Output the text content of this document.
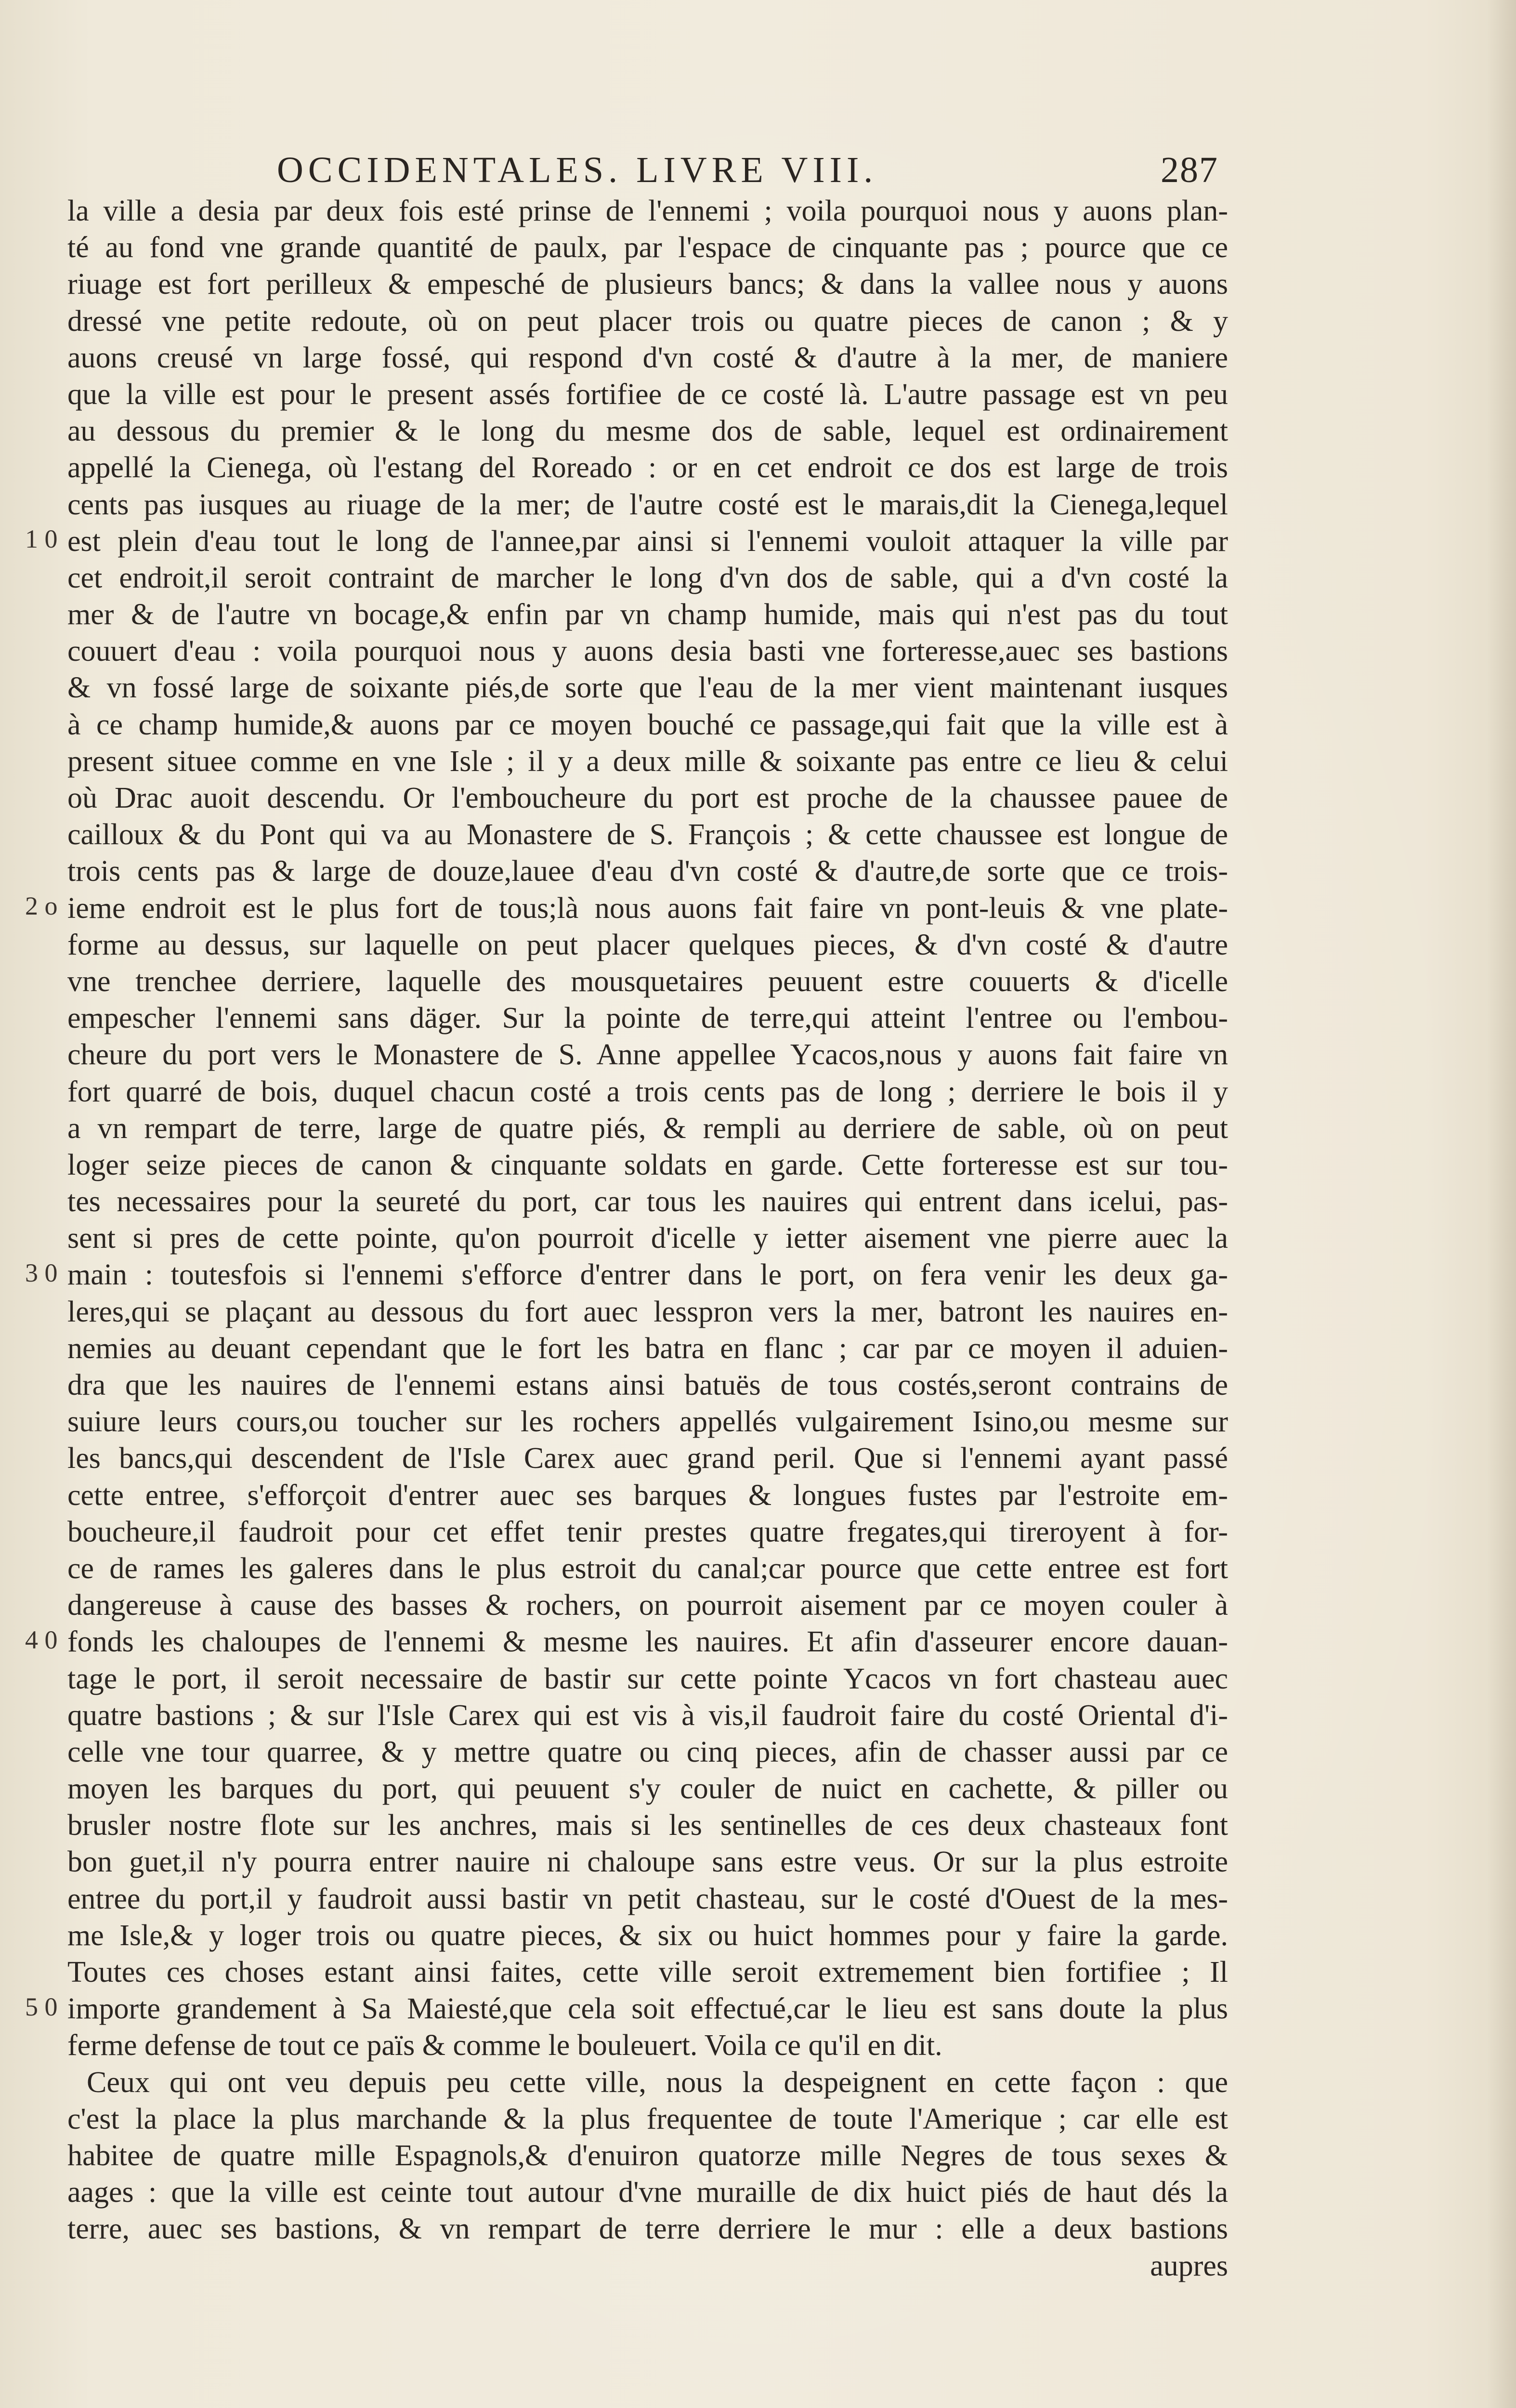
OCCIDENTALES. LIVRE VIII.	287
1 0
2 o
3 0
4 0
5 0
la ville a desia par deux fois esté prinse de l'ennemi ; voila pourquoi nous y auons plan-
té au fond vne grande quantité de paulx, par l'espace de cinquante pas ; pource que ce
riuage est fort perilleux & empesché de plusieurs bancs; & dans la vallee nous y auons
dressé vne petite redoute, où on peut placer trois ou quatre pieces de canon ; & y
auons creusé vn large fossé, qui respond d'vn costé & d'autre à la mer, de maniere
que la ville est pour le present assés fortifiee de ce costé là. L'autre passage est vn peu
au dessous du premier & le long du mesme dos de sable, lequel est ordinairement
appellé la Cienega, où l'estang del Roreado : or en cet endroit ce dos est large de trois
cents pas iusques au riuage de la mer; de l'autre costé est le marais,dit la Cienega,lequel
est plein d'eau tout le long de l'annee,par ainsi si l'ennemi vouloit attaquer la ville par
cet endroit,il seroit contraint de marcher le long d'vn dos de sable, qui a d'vn costé la
mer & de l'autre vn bocage,& enfin par vn champ humide, mais qui n'est pas du tout
couuert d'eau : voila pourquoi nous y auons desia basti vne forteresse,auec ses bastions
& vn fossé large de soixante piés,de sorte que l'eau de la mer vient maintenant iusques
à ce champ humide,& auons par ce moyen bouché ce passage,qui fait que la ville est à
present situee comme en vne Isle ; il y a deux mille & soixante pas entre ce lieu & celui
où Drac auoit descendu. Or l'emboucheure du port est proche de la chaussee pauee de
cailloux & du Pont qui va au Monastere de S. François ; & cette chaussee est longue de
trois cents pas & large de douze,lauee d'eau d'vn costé & d'autre,de sorte que ce trois-
ieme endroit est le plus fort de tous;là nous auons fait faire vn pont-leuis & vne plate-
forme au dessus, sur laquelle on peut placer quelques pieces, & d'vn costé & d'autre
vne trenchee derriere, laquelle des mousquetaires peuuent estre couuerts & d'icelle
empescher l'ennemi sans däger. Sur la pointe de terre,qui atteint l'entree ou l'embou-
cheure du port vers le Monastere de S. Anne appellee Ycacos,nous y auons fait faire vn
fort quarré de bois, duquel chacun costé a trois cents pas de long ; derriere le bois il y
a vn rempart de terre, large de quatre piés, & rempli au derriere de sable, où on peut
loger seize pieces de canon & cinquante soldats en garde. Cette forteresse est sur tou-
tes necessaires pour la seureté du port, car tous les nauires qui entrent dans icelui, pas-
sent si pres de cette pointe, qu'on pourroit d'icelle y ietter aisement vne pierre auec la
main : toutesfois si l'ennemi s'efforce d'entrer dans le port, on fera venir les deux ga-
leres,qui se plaçant au dessous du fort auec lesspron vers la mer, batront les nauires en-
nemies au deuant cependant que le fort les batra en flanc ; car par ce moyen il aduien-
dra que les nauires de l'ennemi estans ainsi batuës de tous costés,seront contrains de
suiure leurs cours,ou toucher sur les rochers appellés vulgairement Isino,ou mesme sur
les bancs,qui descendent de l'Isle Carex auec grand peril. Que si l'ennemi ayant passé
cette entree, s'efforçoit d'entrer auec ses barques & longues fustes par l'estroite em-
boucheure,il faudroit pour cet effet tenir prestes quatre fregates,qui tireroyent à for-
ce de rames les galeres dans le plus estroit du canal;car pource que cette entree est fort
dangereuse à cause des basses & rochers, on pourroit aisement par ce moyen couler à
fonds les chaloupes de l'ennemi & mesme les nauires. Et afin d'asseurer encore dauan-
tage le port, il seroit necessaire de bastir sur cette pointe Ycacos vn fort chasteau auec
quatre bastions ; & sur l'Isle Carex qui est vis à vis,il faudroit faire du costé Oriental d'i-
celle vne tour quarree, & y mettre quatre ou cinq pieces, afin de chasser aussi par ce
moyen les barques du port, qui peuuent s'y couler de nuict en cachette, & piller ou
brusler nostre flote sur les anchres, mais si les sentinelles de ces deux chasteaux font
bon guet,il n'y pourra entrer nauire ni chaloupe sans estre veus. Or sur la plus estroite
entree du port,il y faudroit aussi bastir vn petit chasteau, sur le costé d'Ouest de la mes-
me Isle,& y loger trois ou quatre pieces, & six ou huict hommes pour y faire la garde.
Toutes ces choses estant ainsi faites, cette ville seroit extremement bien fortifiee ; Il
importe grandement à Sa Maiesté,que cela soit effectué,car le lieu est sans doute la plus
ferme defense de tout ce païs & comme le bouleuert. Voila ce qu'il en dit.
Ceux qui ont veu depuis peu cette ville, nous la despeignent en cette façon : que
c'est la place la plus marchande & la plus frequentee de toute l'Amerique ; car elle est
habitee de quatre mille Espagnols,& d'enuiron quatorze mille Negres de tous sexes &
aages : que la ville est ceinte tout autour d'vne muraille de dix huict piés de haut dés la
terre, auec ses bastions, & vn rempart de terre derriere le mur : elle a deux bastions
aupres
